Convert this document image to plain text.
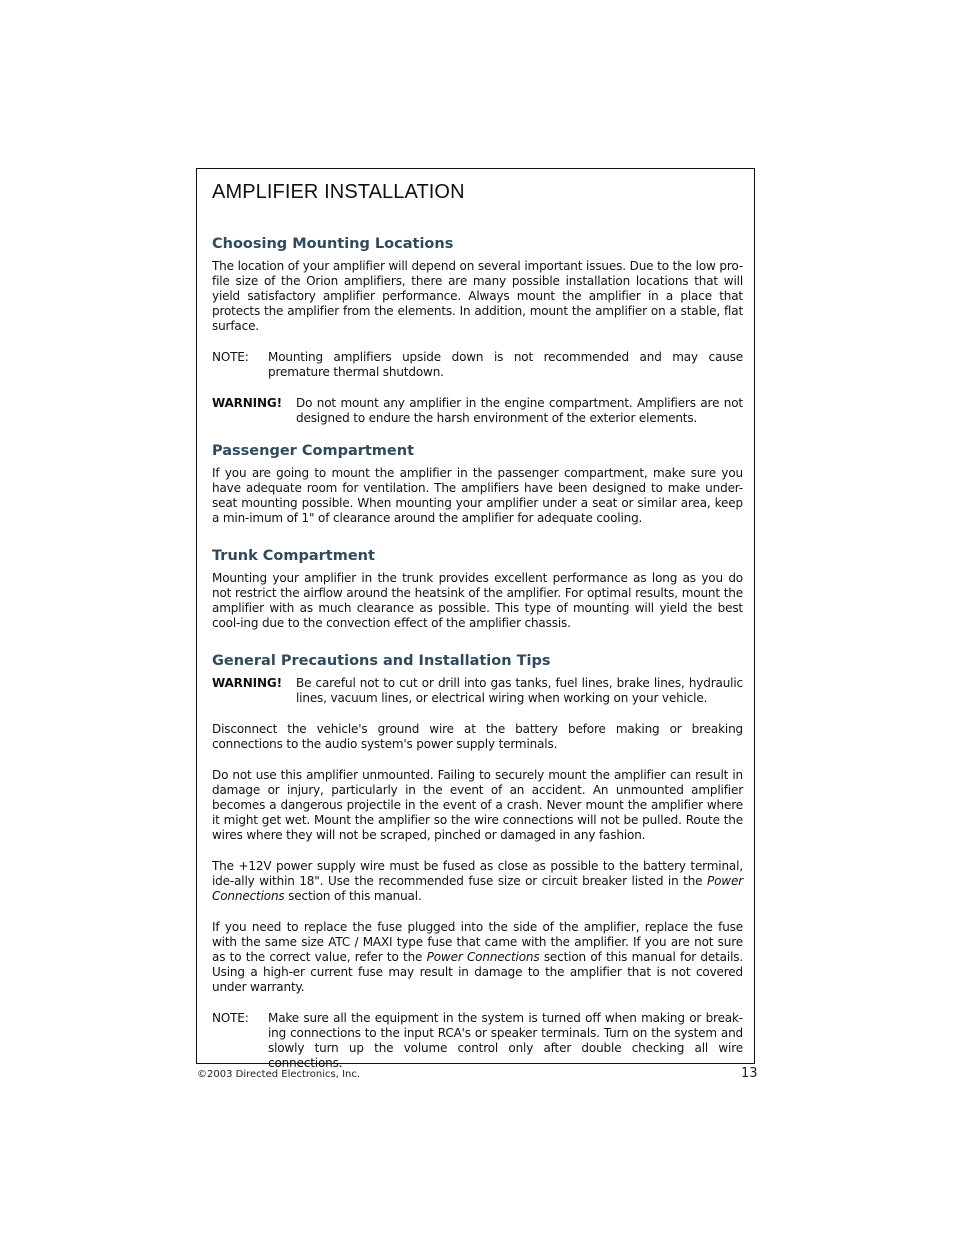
AMPLIFIER INSTALLATION
Choosing Mounting Locations

The location of your amplifier will depend on several important issues. Due to the low pro-file size of the Orion amplifiers, there are many possible installation locations that will yield satisfactory amplifier performance. Always mount the amplifier in a place that protects the amplifier from the elements. In addition, mount the amplifier on a stable, flat surface.

NOTE:	Mounting amplifiers upside down is not recommended and may cause premature thermal shutdown.
WARNING!	Do not mount any amplifier in the engine compartment. Amplifiers are not designed to endure the harsh environment of the exterior elements.
Passenger Compartment

If you are going to mount the amplifier in the passenger compartment, make sure you have adequate room for ventilation. The amplifiers have been designed to make under-seat mounting possible. When mounting your amplifier under a seat or similar area, keep a min-imum of 1" of clearance around the amplifier for adequate cooling.

Trunk Compartment

Mounting your amplifier in the trunk provides excellent performance as long as you do not restrict the airflow around the heatsink of the amplifier. For optimal results, mount the amplifier with as much clearance as possible. This type of mounting will yield the best cool-ing due to the convection effect of the amplifier chassis.

General Precautions and Installation Tips
WARNING!	Be careful not to cut or drill into gas tanks, fuel lines, brake lines, hydraulic lines, vacuum lines, or electrical wiring when working on your vehicle.

Disconnect the vehicle's ground wire at the battery before making or breaking connections to the audio system's power supply terminals.

Do not use this amplifier unmounted. Failing to securely mount the amplifier can result in damage or injury, particularly in the event of an accident. An unmounted amplifier becomes a dangerous projectile in the event of a crash. Never mount the amplifier where it might get wet. Mount the amplifier so the wire connections will not be pulled. Route the wires where they will not be scraped, pinched or damaged in any fashion.

The +12V power supply wire must be fused as close as possible to the battery terminal, ide-ally within 18". Use the recommended fuse size or circuit breaker listed in the Power Connections section of this manual.

If you need to replace the fuse plugged into the side of the amplifier, replace the fuse with the same size ATC / MAXI type fuse that came with the amplifier. If you are not sure as to the correct value, refer to the Power Connections section of this manual for details. Using a high-er current fuse may result in damage to the amplifier that is not covered under warranty.

NOTE:	Make sure all the equipment in the system is turned off when making or break-ing connections to the input RCA's or speaker terminals. Turn on the system and slowly turn up the volume control only after double checking all wire connections.
©2003 Directed Electronics, Inc.	13
